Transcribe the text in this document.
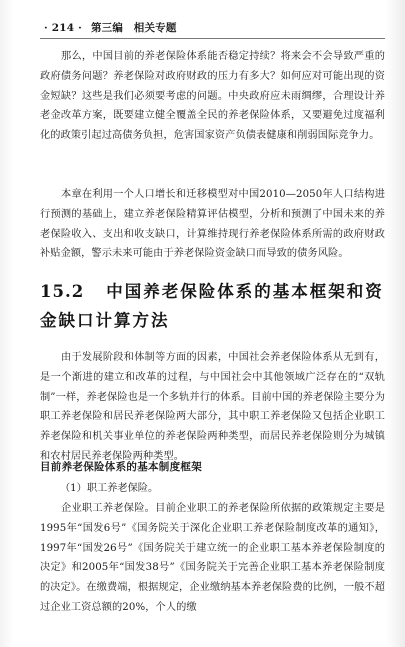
· 214 · 第三编　相关专题

那么，中国目前的养老保险体系能否稳定持续？将来会不会导致严重的政府债务问题？养老保险对政府财政的压力有多大？如何应对可能出现的资金短缺？这些是我们必须要考虑的问题。中央政府应未雨绸缪，合理设计养老金改革方案，既要建立健全覆盖全民的养老保险体系，又要避免过度福利化的政策引起过高债务负担，危害国家资产负债表健康和削弱国际竞争力。

本章在利用一个人口增长和迁移模型对中国2010—2050年人口结构进行预测的基础上，建立养老保险精算评估模型，分析和预测了中国未来的养老保险收入、支出和收支缺口，计算维持现行养老保险体系所需的政府财政补贴金额，警示未来可能由于养老保险资金缺口而导致的债务风险。

15.2 中国养老保险体系的基本框架和资金缺口计算方法

由于发展阶段和体制等方面的因素，中国社会养老保险体系从无到有，是一个渐进的建立和改革的过程，与中国社会中其他领域广泛存在的“双轨制”一样，养老保险也是一个多轨并行的体系。目前中国的养老保险主要分为职工养老保险和居民养老保险两大部分，其中职工养老保险又包括企业职工养老保险和机关事业单位的养老保险两种类型，而居民养老保险则分为城镇和农村居民养老保险两种类型。

目前养老保险体系的基本制度框架

（1）职工养老保险。

企业职工养老保险。目前企业职工的养老保险所依据的政策规定主要是1995年“国发6号”《国务院关于深化企业职工养老保险制度改革的通知》，1997年“国发26号”《国务院关于建立统一的企业职工基本养老保险制度的决定》和2005年“国发38号”《国务院关于完善企业职工基本养老保险制度的决定》。在缴费端，根据规定，企业缴纳基本养老保险费的比例，一般不超过企业工资总额的20%，个人的缴
